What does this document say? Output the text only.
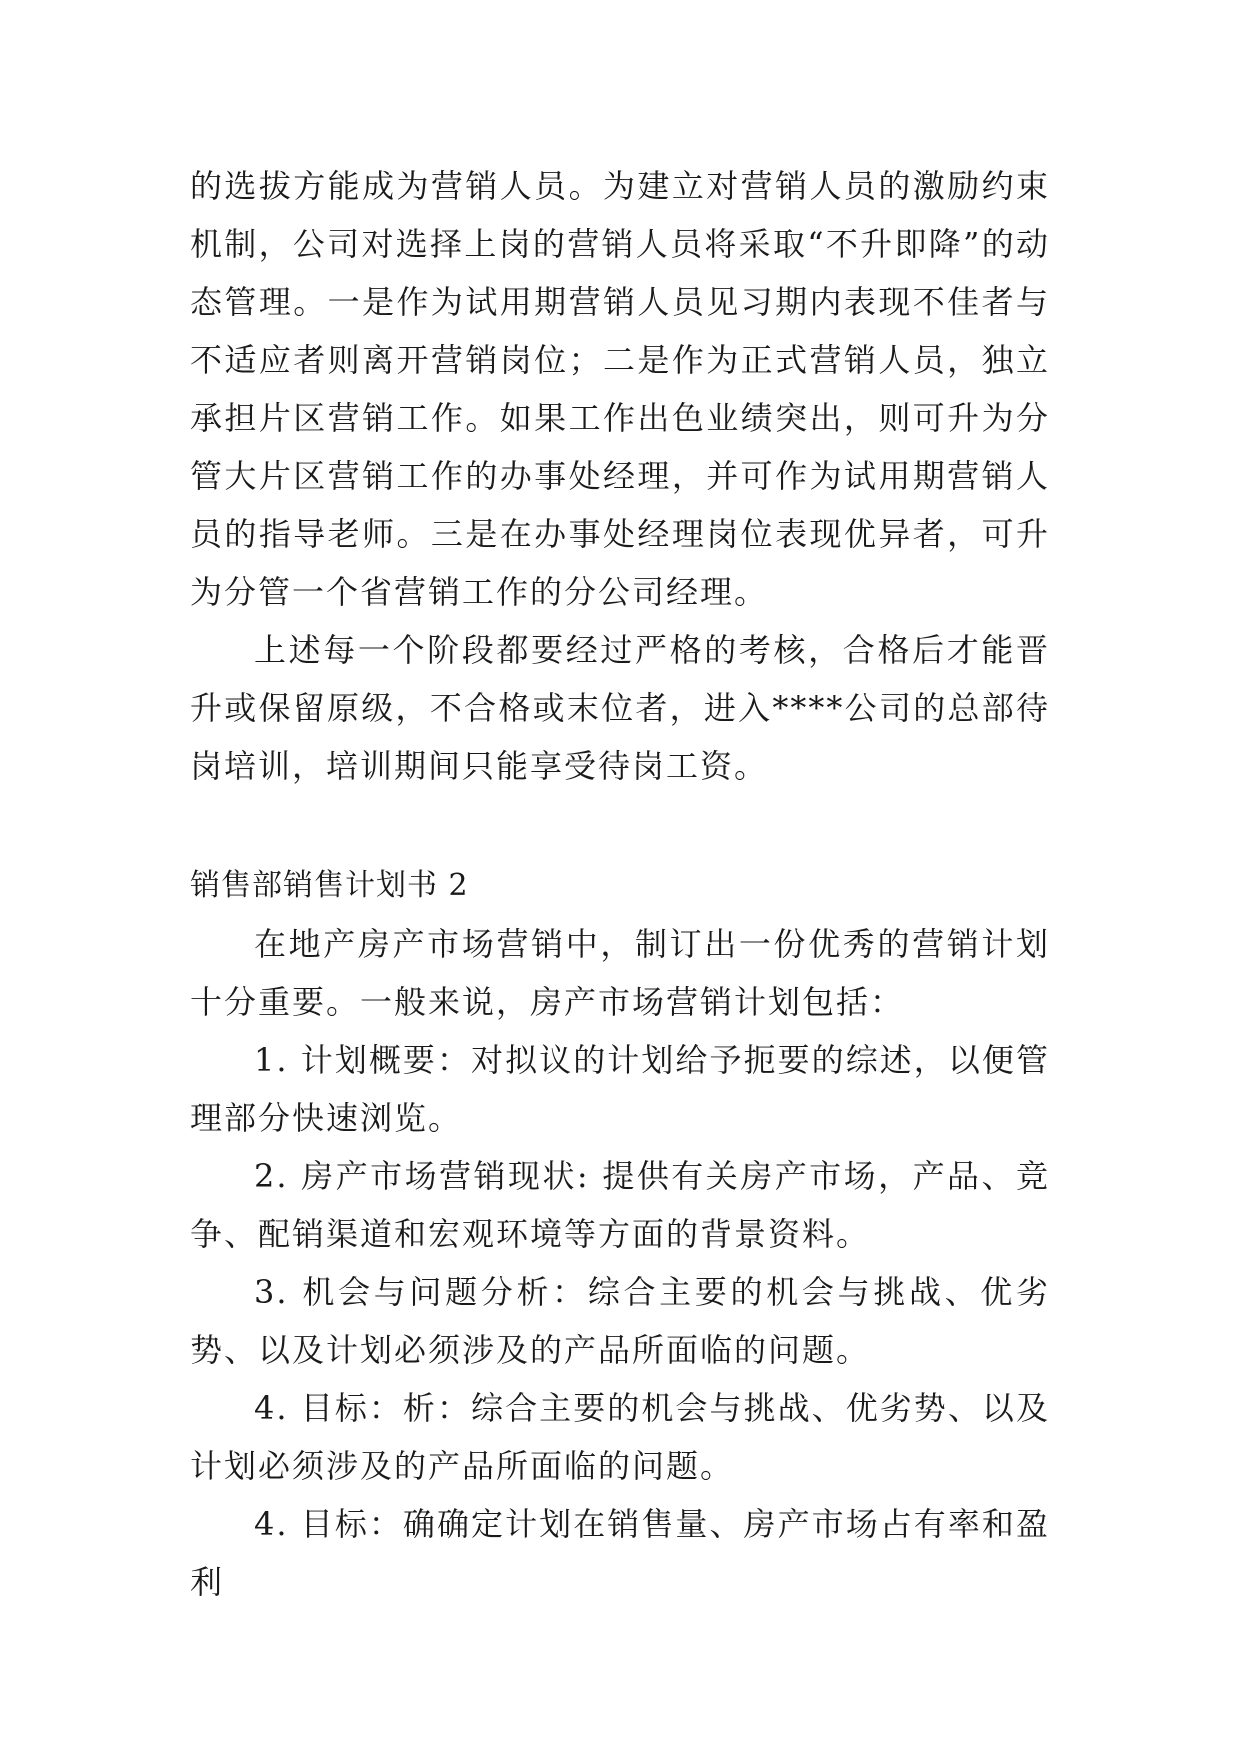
的选拔方能成为营销人员。为建立对营销人员的激励约束机制，公司对选择上岗的营销人员将采取“不升即降”的动态管理。一是作为试用期营销人员见习期内表现不佳者与不适应者则离开营销岗位；二是作为正式营销人员，独立承担片区营销工作。如果工作出色业绩突出，则可升为分管大片区营销工作的办事处经理，并可作为试用期营销人员的指导老师。三是在办事处经理岗位表现优异者，可升为分管一个省营销工作的分公司经理。

上述每一个阶段都要经过严格的考核，合格后才能晋升或保留原级，不合格或末位者，进入****公司的总部待岗培训，培训期间只能享受待岗工资。

销售部销售计划书 2

在地产房产市场营销中，制订出一份优秀的营销计划十分重要。一般来说，房产市场营销计划包括：

1. 计划概要：对拟议的计划给予扼要的综述，以便管理部分快速浏览。

2. 房产市场营销现状: 提供有关房产市场，产品、竞争、配销渠道和宏观环境等方面的背景资料。

3. 机会与问题分析：综合主要的机会与挑战、优劣势、以及计划必须涉及的产品所面临的问题。

4. 目标：析：综合主要的机会与挑战、优劣势、以及计划必须涉及的产品所面临的问题。

4. 目标：确确定计划在销售量、房产市场占有率和盈利
